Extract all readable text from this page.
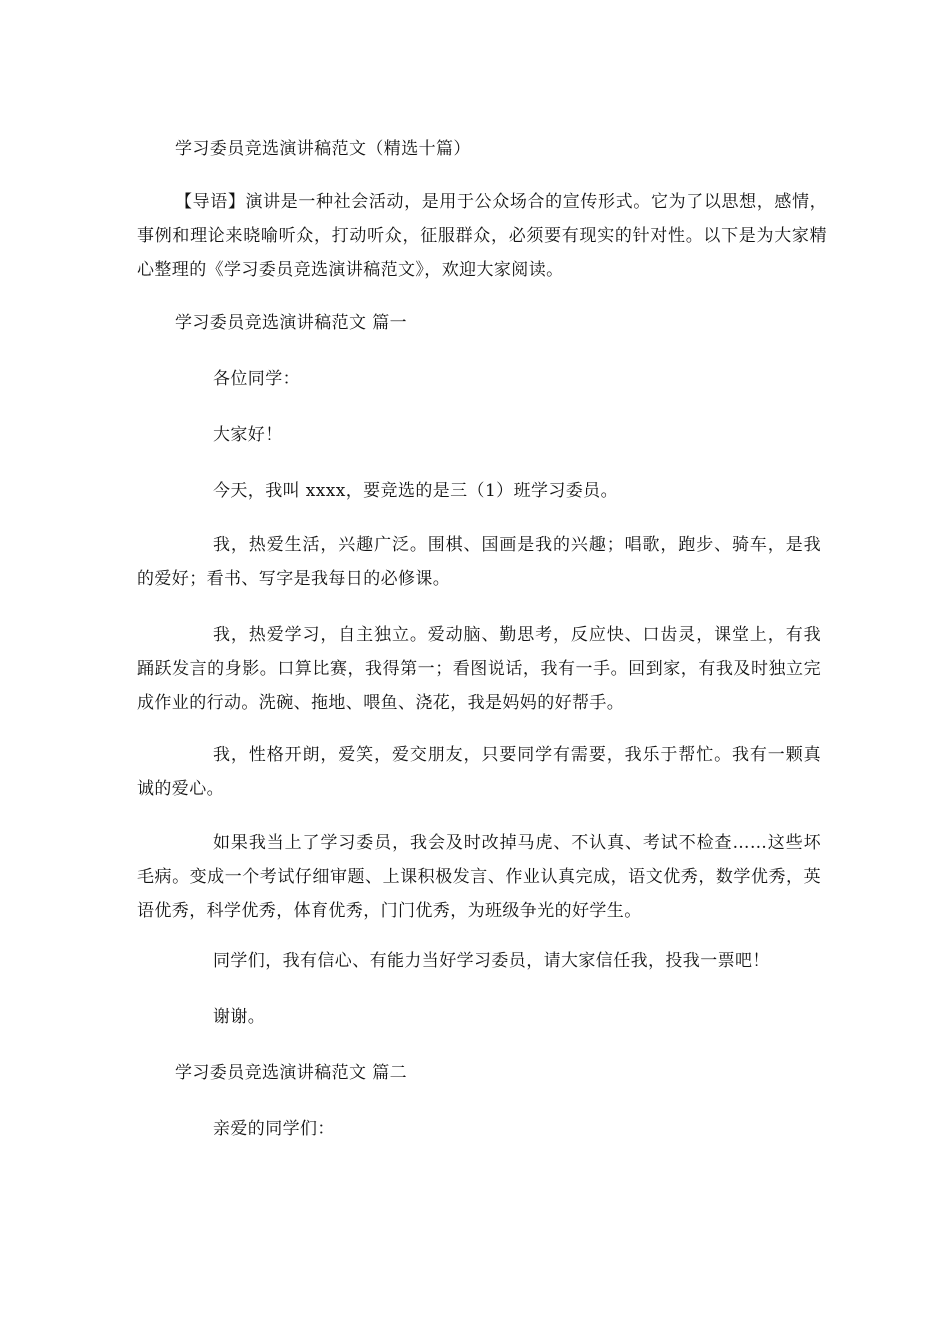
学习委员竞选演讲稿范文（精选十篇）
【导语】演讲是一种社会活动，是用于公众场合的宣传形式。它为了以思想，感情，事例和理论来晓喻听众，打动听众，征服群众，必须要有现实的针对性。以下是为大家精心整理的《学习委员竞选演讲稿范文》，欢迎大家阅读。
学习委员竞选演讲稿范文 篇一
各位同学：
大家好！
今天，我叫 xxxx，要竞选的是三（1）班学习委员。
我，热爱生活，兴趣广泛。围棋、国画是我的兴趣；唱歌，跑步、骑车，是我的爱好；看书、写字是我每日的必修课。
我，热爱学习，自主独立。爱动脑、勤思考，反应快、口齿灵，课堂上，有我踊跃发言的身影。口算比赛，我得第一；看图说话，我有一手。回到家，有我及时独立完成作业的行动。洗碗、拖地、喂鱼、浇花，我是妈妈的好帮手。
我，性格开朗，爱笑，爱交朋友，只要同学有需要，我乐于帮忙。我有一颗真诚的爱心。
如果我当上了学习委员，我会及时改掉马虎、不认真、考试不检查……这些坏毛病。变成一个考试仔细审题、上课积极发言、作业认真完成，语文优秀，数学优秀，英语优秀，科学优秀，体育优秀，门门优秀，为班级争光的好学生。
同学们，我有信心、有能力当好学习委员，请大家信任我，投我一票吧！
谢谢。
学习委员竞选演讲稿范文 篇二
亲爱的同学们：
